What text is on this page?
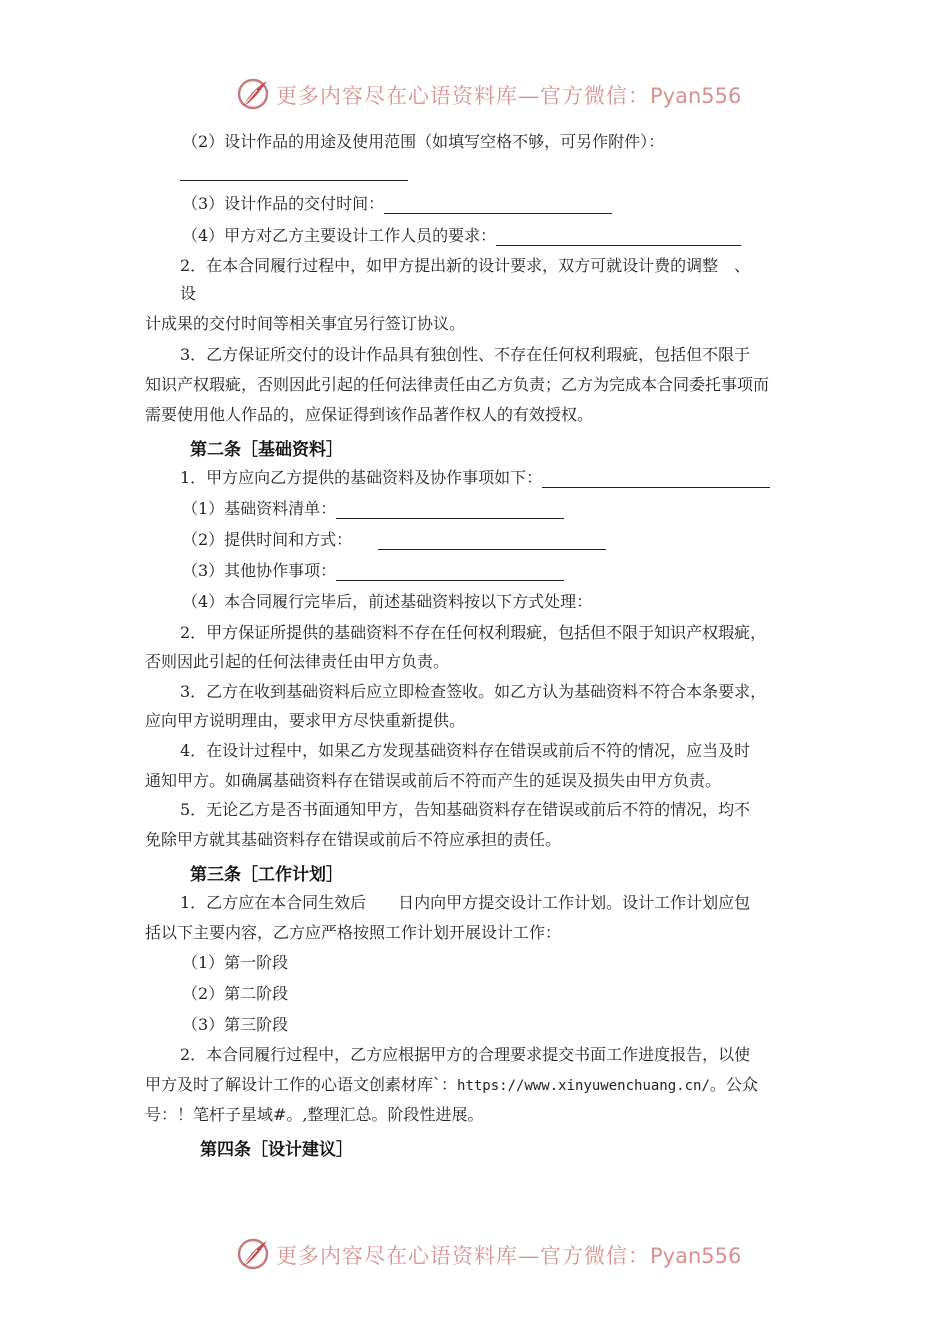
更多内容尽在心语资料库—官方微信：Pyan556
（2）设计作品的用途及使用范围（如填写空格不够，可另作附件）：
（3）设计作品的交付时间：
（4）甲方对乙方主要设计工作人员的要求：
2．在本合同履行过程中，如甲方提出新的设计要求，双方可就设计费的调整　、
设
计成果的交付时间等相关事宜另行签订协议。
3．乙方保证所交付的设计作品具有独创性、不存在任何权利瑕疵，包括但不限于
知识产权瑕疵，否则因此引起的任何法律责任由乙方负责；乙方为完成本合同委托事项而
需要使用他人作品的，应保证得到该作品著作权人的有效授权。
第二条［基础资料］
1．甲方应向乙方提供的基础资料及协作事项如下：
（1）基础资料清单：
（2）提供时间和方式：
（3）其他协作事项：
（4）本合同履行完毕后，前述基础资料按以下方式处理：
2．甲方保证所提供的基础资料不存在任何权利瑕疵，包括但不限于知识产权瑕疵，
否则因此引起的任何法律责任由甲方负责。
3．乙方在收到基础资料后应立即检查签收。如乙方认为基础资料不符合本条要求，
应向甲方说明理由，要求甲方尽快重新提供。
4．在设计过程中，如果乙方发现基础资料存在错误或前后不符的情况，应当及时
通知甲方。如确属基础资料存在错误或前后不符而产生的延误及损失由甲方负责。
5．无论乙方是否书面通知甲方，告知基础资料存在错误或前后不符的情况，均不
免除甲方就其基础资料存在错误或前后不符应承担的责任。
第三条［工作计划］
1．乙方应在本合同生效后　　日内向甲方提交设计工作计划。设计工作计划应包
括以下主要内容，乙方应严格按照工作计划开展设计工作：
（1）第一阶段
（2）第二阶段
（3）第三阶段
2．本合同履行过程中，乙方应根据甲方的合理要求提交书面工作进度报告，以使
甲方及时了解设计工作的心语文创素材库`：https://www.xinyuwenchuang.cn/。公众
号：！笔杆子星域#。,整理汇总。阶段性进展。
第四条［设计建议］
更多内容尽在心语资料库—官方微信：Pyan556
